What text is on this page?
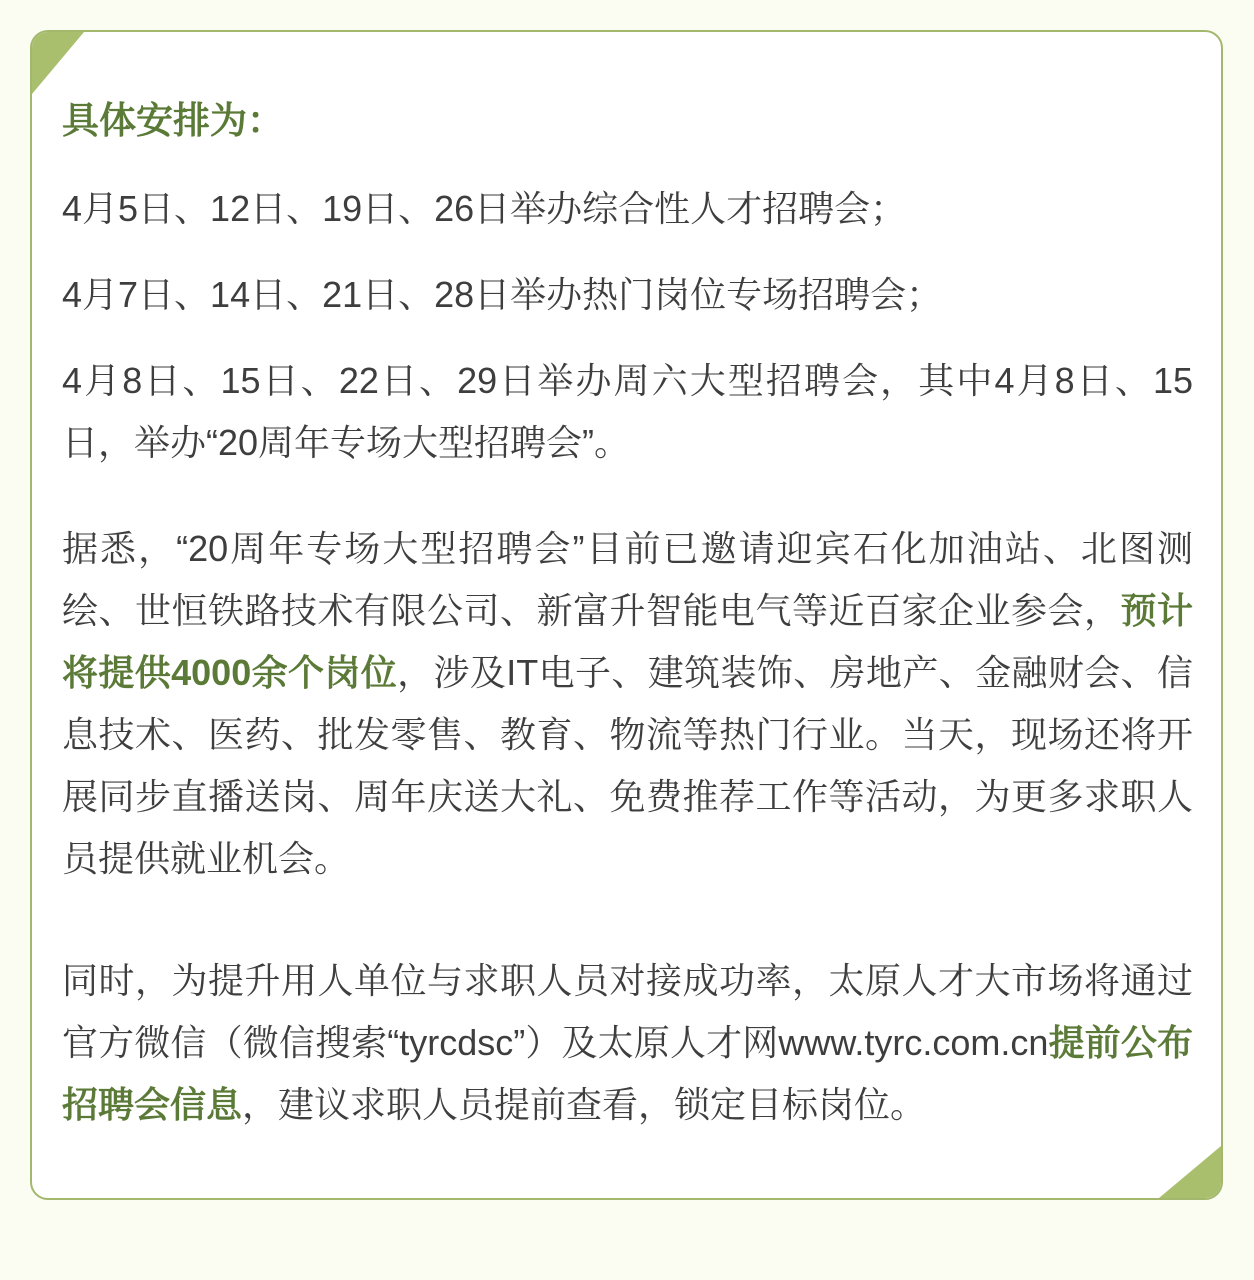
具体安排为：

4月5日、12日、19日、26日举办综合性人才招聘会；

4月7日、14日、21日、28日举办热门岗位专场招聘会；

4月8日、15日、22日、29日举办周六大型招聘会，其中4月8日、15日，举办“20周年专场大型招聘会”。

据悉，“20周年专场大型招聘会”目前已邀请迎宾石化加油站、北图测绘、世恒铁路技术有限公司、新富升智能电气等近百家企业参会，预计将提供4000余个岗位，涉及IT电子、建筑装饰、房地产、金融财会、信息技术、医药、批发零售、教育、物流等热门行业。当天，现场还将开展同步直播送岗、周年庆送大礼、免费推荐工作等活动，为更多求职人员提供就业机会。

同时，为提升用人单位与求职人员对接成功率，太原人才大市场将通过官方微信（微信搜索“tyrcdsc”）及太原人才网www.tyrc.com.cn提前公布招聘会信息，建议求职人员提前查看，锁定目标岗位。
